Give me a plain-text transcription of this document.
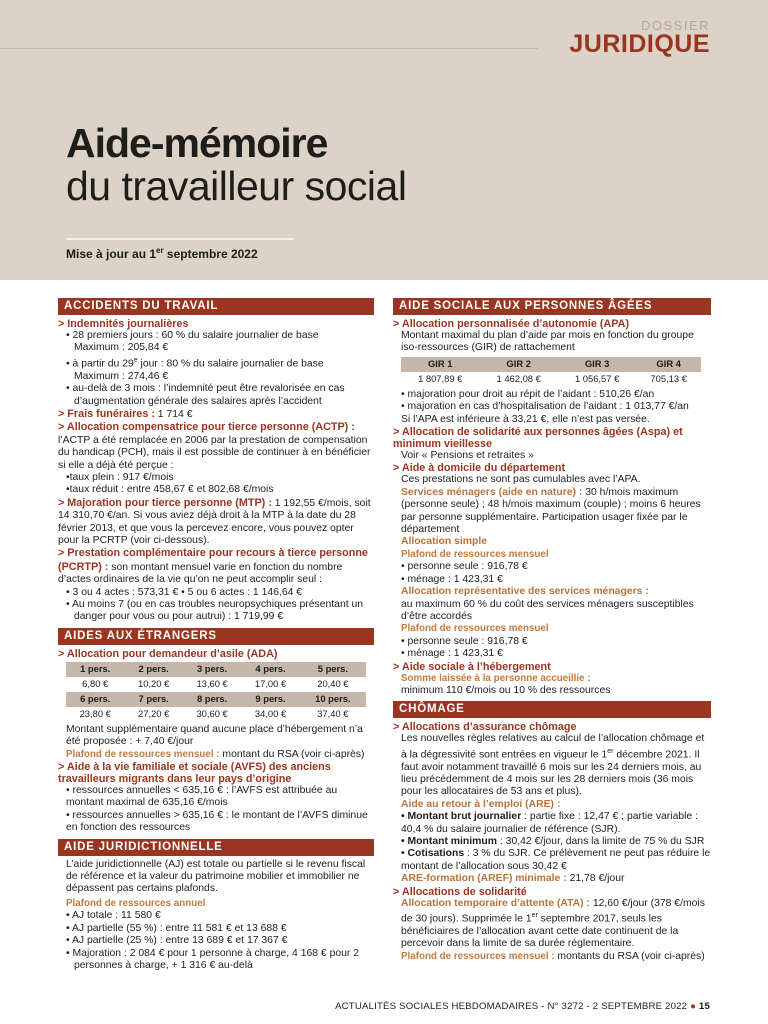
DOSSIER
JURIDIQUE
Aide-mémoire
du travailleur social
Mise à jour au 1er septembre 2022
ACCIDENTS DU TRAVAIL
> Indemnités journalières
• 28 premiers jours : 60 % du salaire journalier de base
Maximum : 205,84 €
• à partir du 29e jour : 80 % du salaire journalier de base
Maximum : 274,46 €
• au-delà de 3 mois : l’indemnité peut être revalorisée en cas d’augmentation générale des salaires après l’accident
> Frais funéraires : 1 714 €
> Allocation compensatrice pour tierce personne (ACTP) : l’ACTP a été remplacée en 2006 par la prestation de compensation du handicap (PCH), mais il est possible de continuer à en bénéficier si elle a déjà été perçue :
•taux plein : 917 €/mois
•taux réduit : entre 458,67 € et 802,68 €/mois
> Majoration pour tierce personne (MTP) : 1 192,55 €/mois, soit 14 310,70 €/an. Si vous aviez déjà droit à la MTP à la date du 28 février 2013, et que vous la percevez encore, vous pouvez opter pour la PCRTP (voir ci-dessous).
> Prestation complémentaire pour recours à tierce personne (PCRTP) : son montant mensuel varie en fonction du nombre d’actes ordinaires de la vie qu’on ne peut accomplir seul :
• 3 ou 4 actes : 573,31 € • 5 ou 6 actes : 1 146,64 €
• Au moins 7 (ou en cas troubles neuropsychiques présentant un danger pour vous ou pour autrui) : 1 719,99 €
AIDES AUX ÉTRANGERS
> Allocation pour demandeur d’asile (ADA)
1 pers.	2 pers.	3 pers.	4 pers.	5 pers.
6,80 €	10,20 €	13,60 €	17,00 €	20,40 €
6 pers.	7 pers.	8 pers.	9 pers.	10 pers.
23,80 €	27,20 €	30,60 €	34,00 €	37,40 €
Montant supplémentaire quand aucune place d’hébergement n’a été proposée : + 7,40 €/jour
Plafond de ressources mensuel : montant du RSA (voir ci-après)
> Aide à la vie familiale et sociale (AVFS) des anciens travailleurs migrants dans leur pays d’origine
• ressources annuelles < 635,16 € : l’AVFS est attribuée au montant maximal de 635,16 €/mois
• ressources annuelles > 635,16 € : le montant de l’AVFS diminue en fonction des ressources
AIDE JURIDICTIONNELLE
L’aide juridictionnelle (AJ) est totale ou partielle si le revenu fiscal de référence et la valeur du patrimoine mobilier et immobilier ne dépassent pas certains plafonds.
Plafond de ressources annuel
• AJ totale : 11 580 €
• AJ partielle (55 %) : entre 11 581 € et 13 688 €
• AJ partielle (25 %) : entre 13 689 € et 17 367 €
• Majoration : 2 084 € pour 1 personne à charge, 4 168 € pour 2 personnes à charge, + 1 316 € au-delà
AIDE SOCIALE AUX PERSONNES ÂGÉES
> Allocation personnalisée d’autonomie (APA)
Montant maximal du plan d’aide par mois en fonction du groupe iso-ressources (GIR) de rattachement
GIR 1	GIR 2	GIR 3	GIR 4
1 807,89 €	1 462,08 €	1 056,57 €	705,13 €
• majoration pour droit au répit de l’aidant : 510,26 €/an
• majoration en cas d’hospitalisation de l’aidant : 1 013,77 €/an
Si l’APA est inférieure à 33,21 €, elle n’est pas versée.
> Allocation de solidarité aux personnes âgées (Aspa) et minimum vieillesse
Voir « Pensions et retraites »
> Aide à domicile du département
Ces prestations ne sont pas cumulables avec l’APA.
Services ménagers (aide en nature) : 30 h/mois maximum (personne seule) ; 48 h/mois maximum (couple) ; moins 6 heures par personne supplémentaire. Participation usager fixée par le département
Allocation simple
Plafond de ressources mensuel
• personne seule : 916,78 €
• ménage : 1 423,31 €
Allocation représentative des services ménagers :
au maximum 60 % du coût des services ménagers susceptibles d’être accordés
Plafond de ressources mensuel
• personne seule : 916,78 €
• ménage : 1 423,31 €
> Aide sociale à l’hébergement
Somme laissée à la personne accueillie :
minimum 110 €/mois ou 10 % des ressources
CHÔMAGE
> Allocations d’assurance chômage
Les nouvelles règles relatives au calcul de l’allocation chômage et à la dégressivité sont entrées en vigueur le 1er décembre 2021. Il faut avoir notamment travaillé 6 mois sur les 24 derniers mois, au lieu précédemment de 4 mois sur les 28 derniers mois (36 mois pour les allocataires de 53 ans et plus).
Aide au retour à l’emploi (ARE) :
• Montant brut journalier : partie fixe : 12,47 € ; partie variable : 40,4 % du salaire journalier de référence (SJR).
• Montant minimum : 30,42 €/jour, dans la limite de 75 % du SJR
• Cotisations : 3 % du SJR. Ce prélèvement ne peut pas réduire le montant de l’allocation sous 30,42 €
ARE-formation (AREF) minimale : 21,78 €/jour
> Allocations de solidarité
Allocation temporaire d’attente (ATA) : 12,60 €/jour (378 €/mois de 30 jours). Supprimée le 1er septembre 2017, seuls les bénéficiaires de l’allocation avant cette date continuent de la percevoir dans la limite de sa durée réglementaire.
Plafond de ressources mensuel : montants du RSA (voir ci-après)
ACTUALITÉS SOCIALES HEBDOMADAIRES - N° 3272 - 2 SEPTEMBRE 2022 ● 15
